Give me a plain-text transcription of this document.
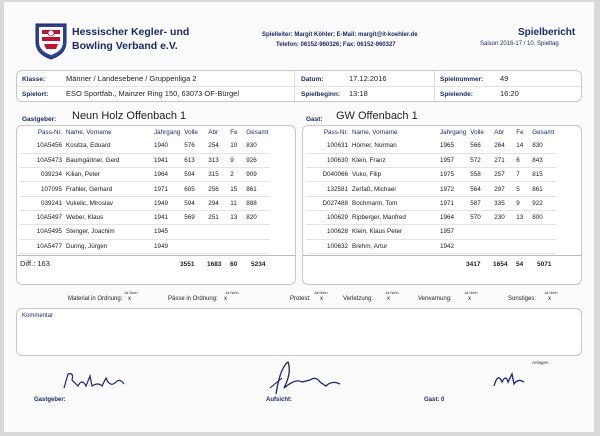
Hessischer Kegler- und
Bowling Verband e.V.
Spielleiter: Margit Köhler; E-Mail: margit@it-koehler.de
Telefon: 06152-960326; Fax: 06152-960327
Spielbericht
Saison 2016-17 / 10. Spieltag
Klasse:	Männer / Landesebene / Gruppenliga 2
Spielort: ESO Sportfab., Mainzer Ring 150, 63073 OF-Bürgel
Datum:	17.12.2016
Spielbeginn: 13:18
Spielnummer: 49
Spielende:	16:20
Gastgeber: Neun Holz Offenbach 1	Gast: GW Offenbach 1
Pass-Nr.	Name, Vorname	Jahrgang	Volle	Abr	Fe	Gesamt
10A5456	Kositza, Eduard	1940	576	254	10	830
10A5473	Baumgärtner, Gerd	1941	613	313	9	926
039234	Kilian, Peter	1964	594	315	2	909
107095	Frahler, Gerhard	1971	605	256	15	861
039241	Vukelic, Miroslav	1949	594	294	11	888
10A5497	Weber, Klaus	1941	569	251	13	820
10A5495	Stenger, Joachim	1945				
10A5477	During, Jürgen	1949				
Diff.: 163	3551 1683 60 5234
Pass-Nr.	Name, Vorname	Jahrgang	Volle	Abr	Fe	Gesamt
100631	Hörner, Norman	1965	566	264	14	830
100630	Klein, Franz	1957	572	271	6	843
D040066	Vuko, Filip	1975	558	257	7	815
132581	Zerfaß, Michael	1972	564	297	5	861
D027488	Bochmann, Tom	1971	587	335	9	922
100629	Ripberger, Manfred	1964	570	230	13	800
100628	Klein, Klaus Peter	1957				
100632	Brehm, Artur	1942				
3417 1654 54 5071
Ja Nein
Material in Ordnung: x
Ja Nein
Pässe in Ordnung: x
Ja Nein
Protest: x
Ja Nein
Verletzung: x
Ja Nein
Verwarnung:	x
Ja Nein
Sonstiges: x
Kommentar
Anlagen
Gastgeber:	Aufsicht:	Gast: 0
